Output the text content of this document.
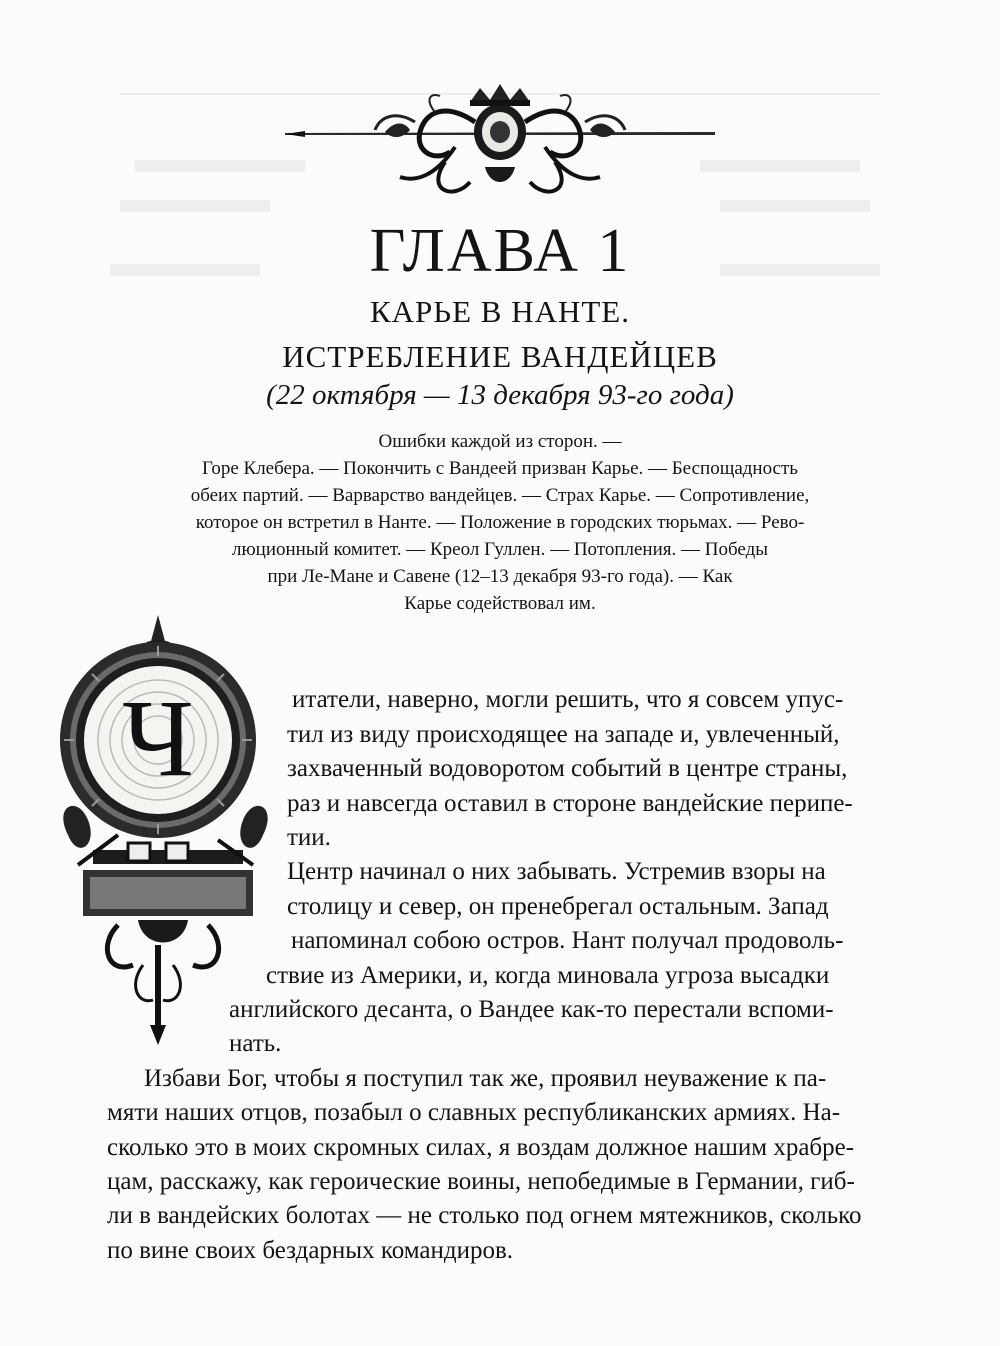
ГЛАВА 1
КАРЬЕ В НАНТЕ.
ИСТРЕБЛЕНИЕ ВАНДЕЙЦЕВ
(22 октября — 13 декабря 93-го года)
Ошибки каждой из сторон. —
Горе Клебера. — Покончить с Вандеей призван Карье. — Беспощадность
обеих партий. — Варварство вандейцев. — Страх Карье. — Сопротивление,
которое он встретил в Нанте. — Положение в городских тюрьмах. — Рево-
люционный комитет. — Креол Гуллен. — Потопления. — Победы
при Ле-Мане и Савене (12–13 декабря 93-го года). — Как
Карье содействовал им.
Ч	итатели, наверно, могли решить, что я совсем упус-
тил из виду происходящее на западе и, увлеченный,
захваченный водоворотом событий в центре страны,
раз и навсегда оставил в стороне вандейские перипе-
тии.
Центр начинал о них забывать. Устремив взоры на
столицу и север, он пренебрегал остальным. Запад
напоминал собою остров. Нант получал продоволь-
ствие из Америки, и, когда миновала угроза высадки
английского десанта, о Вандее как-то перестали вспоми-
нать.
Избави Бог, чтобы я поступил так же, проявил неуважение к па-
мяти наших отцов, позабыл о славных республиканских армиях. На-
сколько это в моих скромных силах, я воздам должное нашим храбре-
цам, расскажу, как героические воины, непобедимые в Германии, гиб-
ли в вандейских болотах — не столько под огнем мятежников, сколько
по вине своих бездарных командиров.
